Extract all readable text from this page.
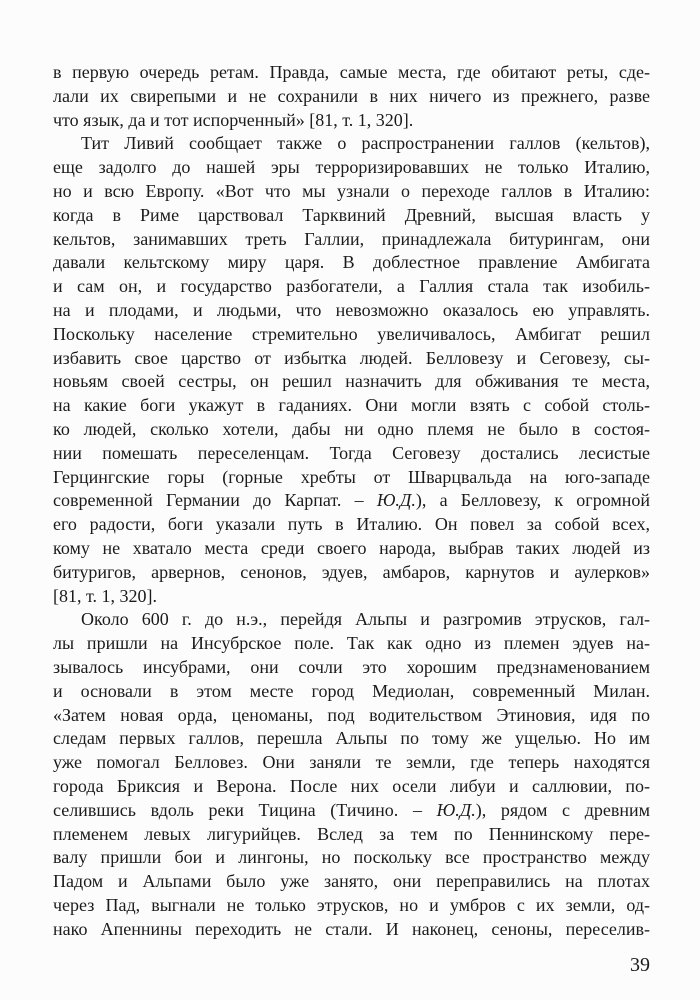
в первую очередь ретам. Правда, самые места, где обитают реты, сде-
лали их свирепыми и не сохранили в них ничего из прежнего, разве
что язык, да и тот испорченный» [81, т. 1, 320].

Тит Ливий сообщает также о распространении галлов (кельтов),
еще задолго до нашей эры терроризировавших не только Италию,
но и всю Европу. «Вот что мы узнали о переходе галлов в Италию:
когда в Риме царствовал Тарквиний Древний, высшая власть у
кельтов, занимавших треть Галлии, принадлежала битурингам, они
давали кельтскому миру царя. В доблестное правление Амбигата
и сам он, и государство разбогатели, а Галлия стала так изобиль-
на и плодами, и людьми, что невозможно оказалось ею управлять.
Поскольку население стремительно увеличивалось, Амбигат решил
избавить свое царство от избытка людей. Белловезу и Сеговезу, сы-
новьям своей сестры, он решил назначить для обживания те места,
на какие боги укажут в гаданиях. Они могли взять с собой столь-
ко людей, сколько хотели, дабы ни одно племя не было в состоя-
нии помешать переселенцам. Тогда Сеговезу достались лесистые
Герцингские горы (горные хребты от Шварцвальда на юго-западе
современной Германии до Карпат. – Ю.Д.), а Белловезу, к огромной
его радости, боги указали путь в Италию. Он повел за собой всех,
кому не хватало места среди своего народа, выбрав таких людей из
битуригов, арвернов, сенонов, эдуев, амбаров, карнутов и аулерков»
[81, т. 1, 320].

Около 600 г. до н.э., перейдя Альпы и разгромив этрусков, гал-
лы пришли на Инсубрское поле. Так как одно из племен эдуев на-
зывалось инсубрами, они сочли это хорошим предзнаменованием
и основали в этом месте город Медиолан, современный Милан.
«Затем новая орда, ценоманы, под водительством Этиновия, идя по
следам первых галлов, перешла Альпы по тому же ущелью. Но им
уже помогал Белловез. Они заняли те земли, где теперь находятся
города Бриксия и Верона. После них осели либуи и саллювии, по-
селившись вдоль реки Тицина (Тичино. – Ю.Д.), рядом с древним
племенем левых лигурийцев. Вслед за тем по Пеннинскому пере-
валу пришли бои и лингоны, но поскольку все пространство между
Падом и Альпами было уже занято, они переправились на плотах
через Пад, выгнали не только этрусков, но и умбров с их земли, од-
нако Апеннины переходить не стали. И наконец, сеноны, переселив-

39
